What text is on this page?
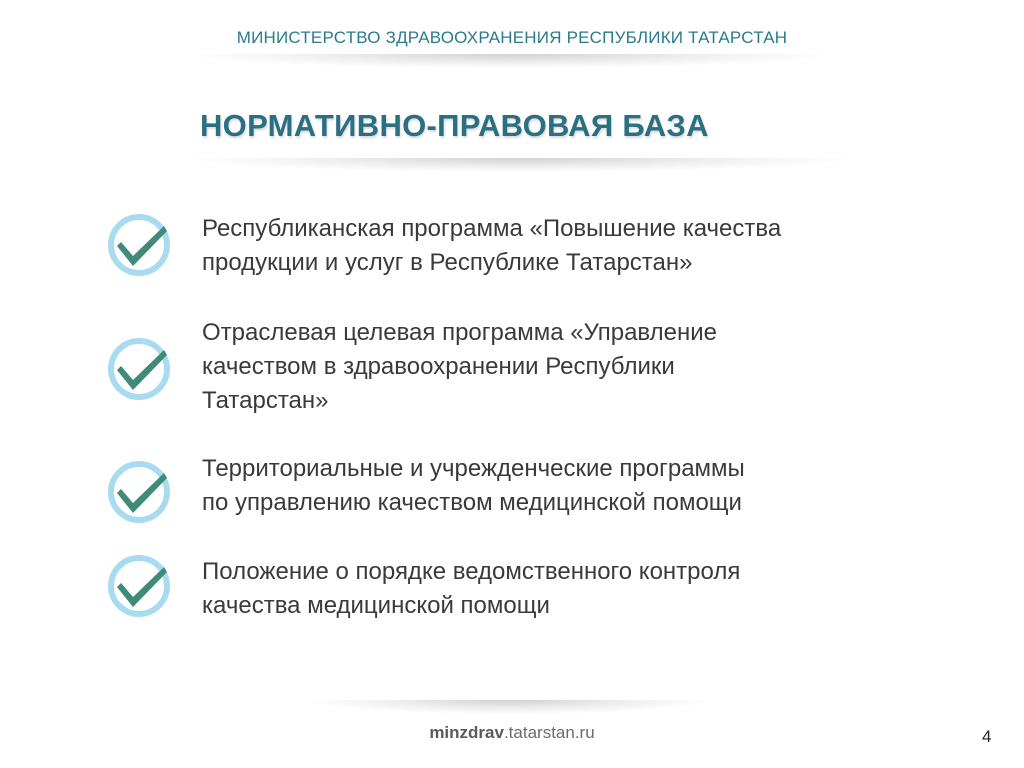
МИНИСТЕРСТВО ЗДРАВООХРАНЕНИЯ РЕСПУБЛИКИ ТАТАРСТАН
НОРМАТИВНО-ПРАВОВАЯ БАЗА
Республиканская программа «Повышение качества
продукции и услуг в Республике Татарстан»
Отраслевая целевая программа «Управление
качеством в здравоохранении Республики
Татарстан»
Территориальные и учрежденческие программы
по управлению качеством медицинской помощи
Положение о порядке ведомственного контроля
качества медицинской помощи
minzdrav.tatarstan.ru	4
